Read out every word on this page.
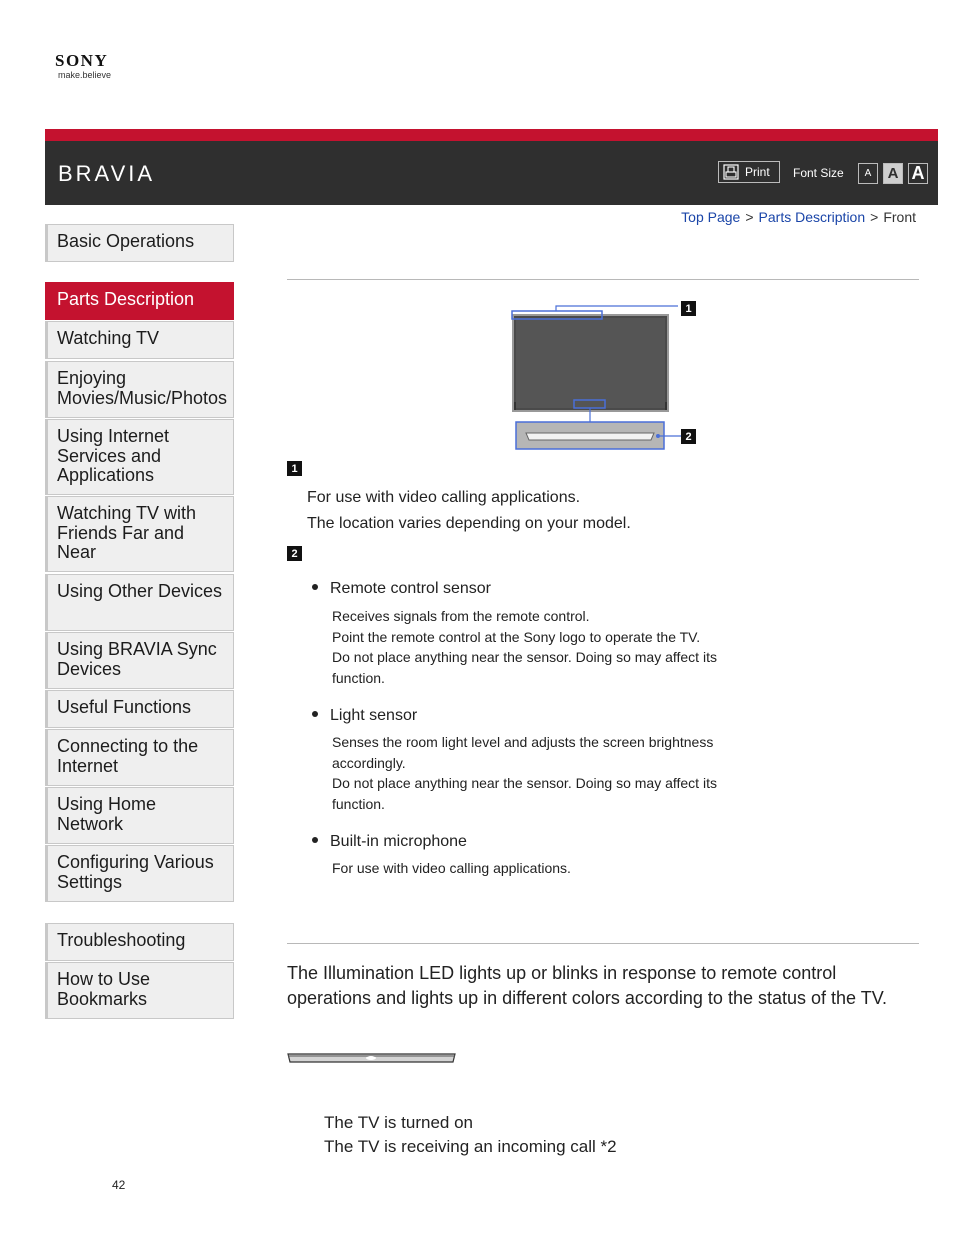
SONY
make.believe
BRAVIA	Print Font Size	A	A A
Top Page > Parts Description > Front
Basic Operations
Parts Description
Watching TV
Enjoying Movies/Music/Photos
Using Internet Services and Applications
Watching TV with Friends Far and Near
Using Other Devices
Using BRAVIA Sync Devices
Useful Functions
Connecting to the Internet
Using Home Network
Configuring Various Settings
Troubleshooting
How to Use Bookmarks
1
2
1
For use with video calling applications.
The location varies depending on your model.
2
Remote control sensor
Receives signals from the remote control.
Point the remote control at the Sony logo to operate the TV.
Do not place anything near the sensor. Doing so may affect its function.
Light sensor
Senses the room light level and adjusts the screen brightness accordingly.
Do not place anything near the sensor. Doing so may affect its function.
Built-in microphone
For use with video calling applications.
The Illumination LED lights up or blinks in response to remote control operations and lights up in different colors according to the status of the TV.
The TV is turned on
The TV is receiving an incoming call *2
42
